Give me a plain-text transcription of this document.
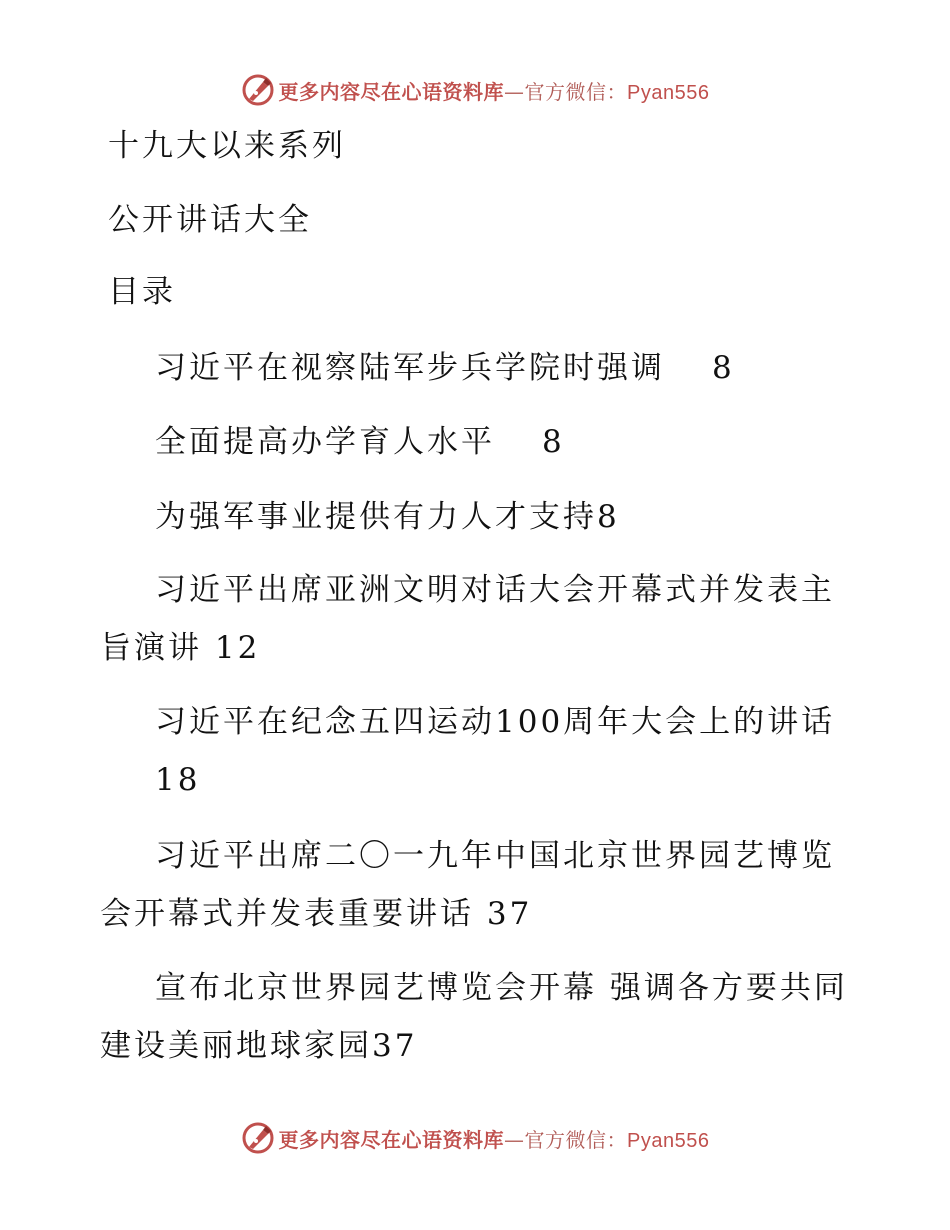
更多内容尽在心语资料库—官方微信：Pyan556
十九大以来系列
公开讲话大全
目录
习近平在视察陆军步兵学院时强调 8
全面提高办学育人水平 8
为强军事业提供有力人才支持8
习近平出席亚洲文明对话大会开幕式并发表主
旨演讲 12
习近平在纪念五四运动100周年大会上的讲话
18
习近平出席二〇一九年中国北京世界园艺博览
会开幕式并发表重要讲话 37
宣布北京世界园艺博览会开幕 强调各方要共同
建设美丽地球家园37
更多内容尽在心语资料库—官方微信：Pyan556
